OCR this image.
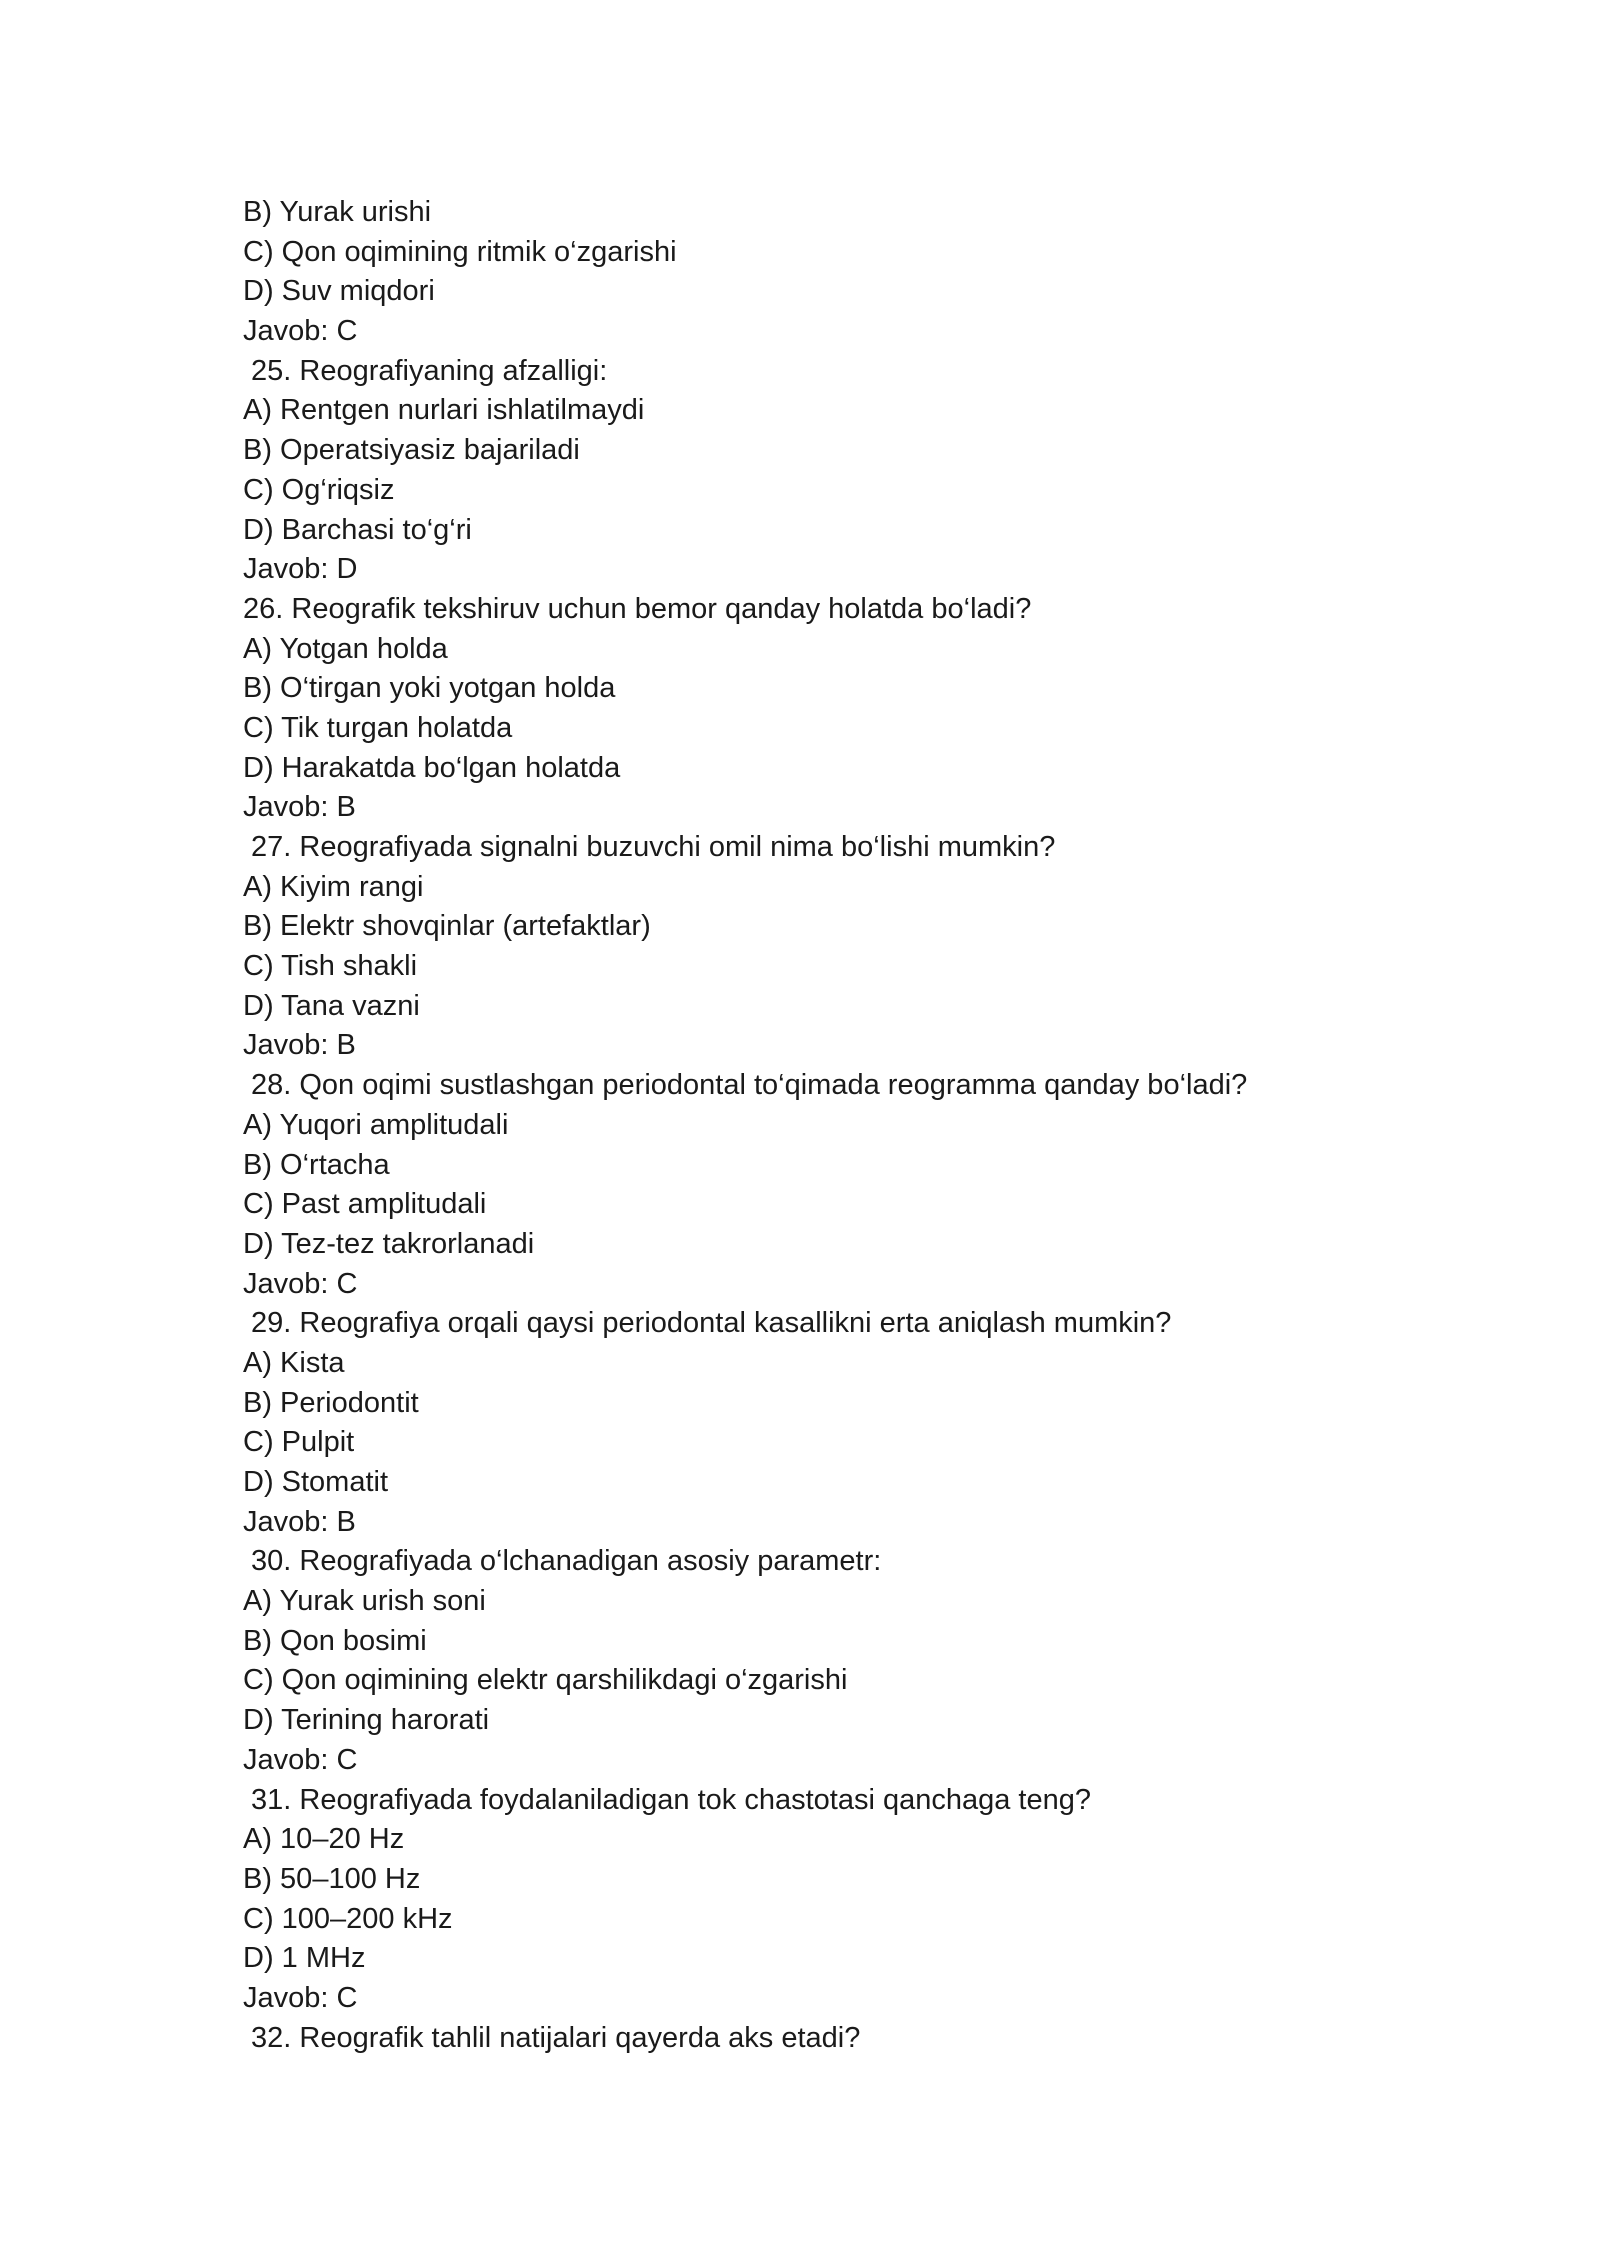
B) Yurak urishi
C) Qon oqimining ritmik o‘zgarishi
D) Suv miqdori
Javob: C
25. Reografiyaning afzalligi:
A) Rentgen nurlari ishlatilmaydi
B) Operatsiyasiz bajariladi
C) Og‘riqsiz
D) Barchasi to‘g‘ri
Javob: D
26. Reografik tekshiruv uchun bemor qanday holatda bo‘ladi?
A) Yotgan holda
B) O‘tirgan yoki yotgan holda
C) Tik turgan holatda
D) Harakatda bo‘lgan holatda
Javob: B
27. Reografiyada signalni buzuvchi omil nima bo‘lishi mumkin?
A) Kiyim rangi
B) Elektr shovqinlar (artefaktlar)
C) Tish shakli
D) Tana vazni
Javob: B
28. Qon oqimi sustlashgan periodontal to‘qimada reogramma qanday bo‘ladi?
A) Yuqori amplitudali
B) O‘rtacha
C) Past amplitudali
D) Tez-tez takrorlanadi
Javob: C
29. Reografiya orqali qaysi periodontal kasallikni erta aniqlash mumkin?
A) Kista
B) Periodontit
C) Pulpit
D) Stomatit
Javob: B
30. Reografiyada o‘lchanadigan asosiy parametr:
A) Yurak urish soni
B) Qon bosimi
C) Qon oqimining elektr qarshilikdagi o‘zgarishi
D) Terining harorati
Javob: C
31. Reografiyada foydalaniladigan tok chastotasi qanchaga teng?
A) 10–20 Hz
B) 50–100 Hz
C) 100–200 kHz
D) 1 MHz
Javob: C
32. Reografik tahlil natijalari qayerda aks etadi?
